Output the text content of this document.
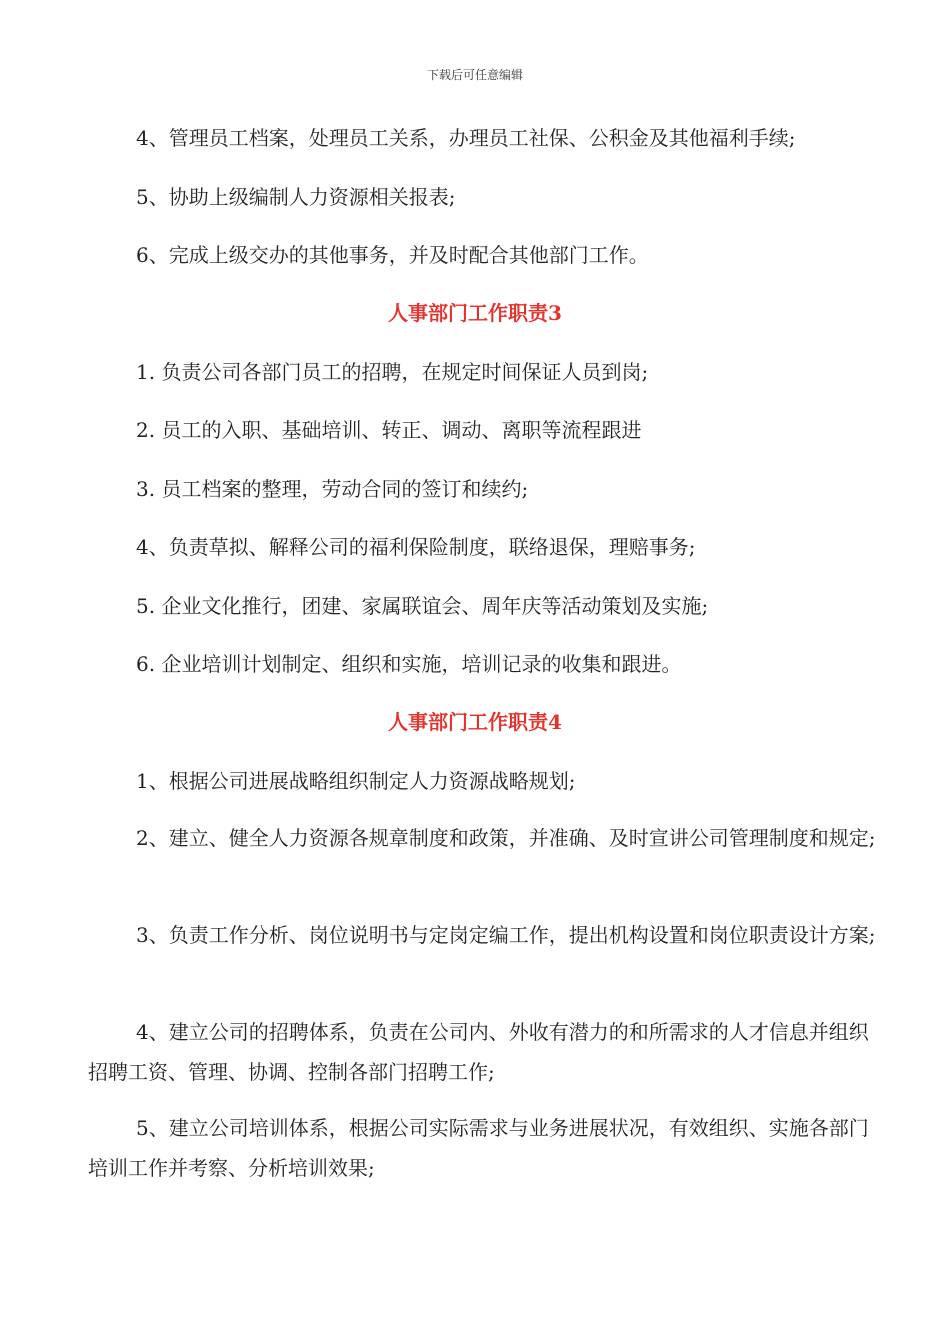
下载后可任意编辑
4、管理员工档案，处理员工关系，办理员工社保、公积金及其他福利手续;
5、协助上级编制人力资源相关报表;
6、完成上级交办的其他事务，并及时配合其他部门工作。
人事部门工作职责3
1. 负责公司各部门员工的招聘，在规定时间保证人员到岗;
2. 员工的入职、基础培训、转正、调动、离职等流程跟进
3. 员工档案的整理，劳动合同的签订和续约;
4、负责草拟、解释公司的福利保险制度，联络退保，理赔事务;
5. 企业文化推行，团建、家属联谊会、周年庆等活动策划及实施;
6. 企业培训计划制定、组织和实施，培训记录的收集和跟进。
人事部门工作职责4
1、根据公司进展战略组织制定人力资源战略规划;
2、建立、健全人力资源各规章制度和政策，并准确、及时宣讲公司管理制度和规定;
3、负责工作分析、岗位说明书与定岗定编工作，提出机构设置和岗位职责设计方案;
4、建立公司的招聘体系，负责在公司内、外收有潜力的和所需求的人才信息并组织招聘工资、管理、协调、控制各部门招聘工作;
5、建立公司培训体系，根据公司实际需求与业务进展状况，有效组织、实施各部门培训工作并考察、分析培训效果;
